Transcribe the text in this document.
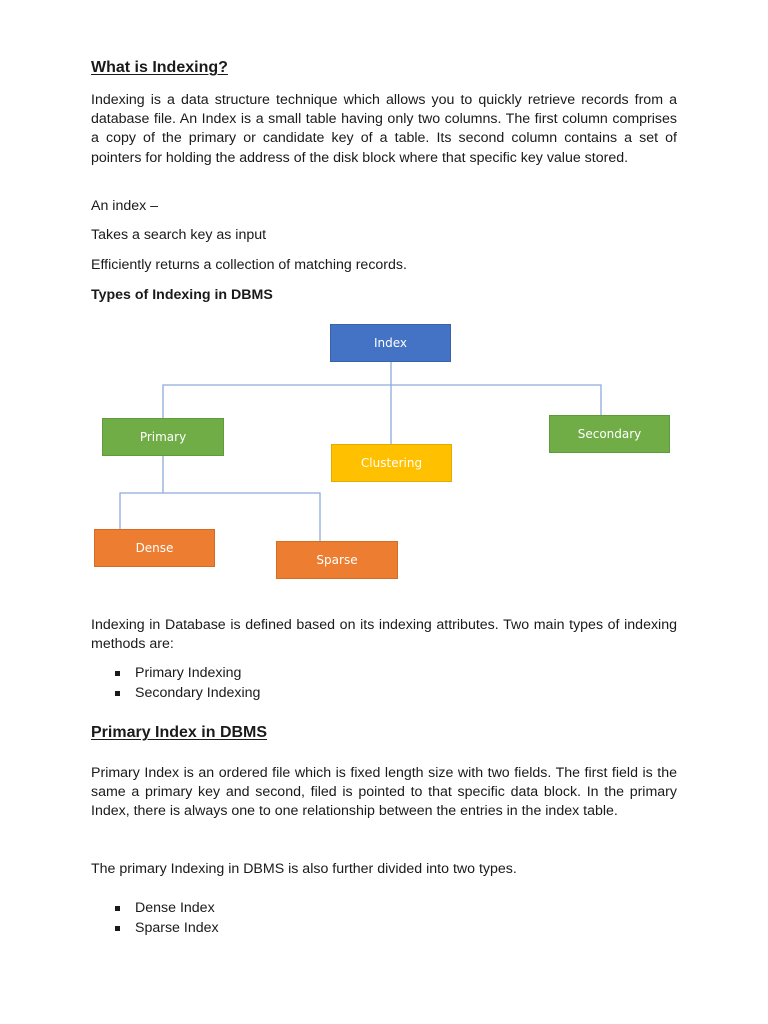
What is Indexing?

Indexing is a data structure technique which allows you to quickly retrieve records from a database file. An Index is a small table having only two columns. The first column comprises a copy of the primary or candidate key of a table. Its second column contains a set of pointers for holding the address of the disk block where that specific key value stored.

An index –
Takes a search key as input
Efficiently returns a collection of matching records.
Types of Indexing in DBMS
Index
Primary
Clustering
Secondary
Dense
Sparse

Indexing in Database is defined based on its indexing attributes. Two main types of indexing methods are:

Primary Indexing
Secondary Indexing
Primary Index in DBMS

Primary Index is an ordered file which is fixed length size with two fields. The first field is the same a primary key and second, filed is pointed to that specific data block. In the primary Index, there is always one to one relationship between the entries in the index table.

The primary Indexing in DBMS is also further divided into two types.
Dense Index
Sparse Index
